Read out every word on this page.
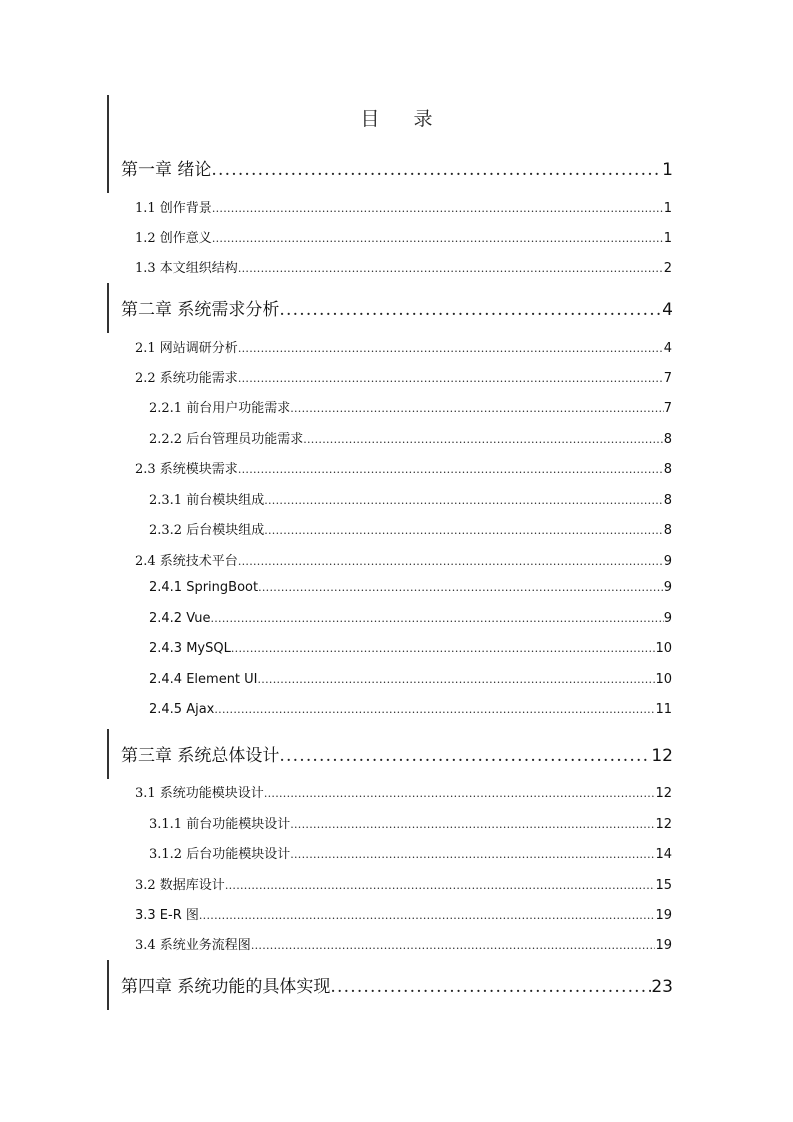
目 录
第一章 绪论 .....	1
1.1 创作背景 .....	1
1.2 创作意义 .....	1
1.3 本文组织结构 .....	2
第二章 系统需求分析 .....	4
2.1 网站调研分析 .....	4
2.2 系统功能需求 .....	7
2.2.1 前台用户功能需求 .....	7
2.2.2 后台管理员功能需求 .....	8
2.3 系统模块需求 .....	8
2.3.1 前台模块组成 .....	8
2.3.2 后台模块组成 .....	8
2.4 系统技术平台 .....	9
2.4.1 SpringBoot .....	9
2.4.2 Vue .....	9
2.4.3 MySQL .....	10
2.4.4 Element UI .....	10
2.4.5 Ajax .....	11
第三章 系统总体设计 .....	12
3.1 系统功能模块设计 .....	12
3.1.1 前台功能模块设计 .....	12
3.1.2 后台功能模块设计 .....	14
3.2 数据库设计 .....	15
3.3 E-R 图 .....	19
3.4 系统业务流程图 .....	19
第四章 系统功能的具体实现 .....	23
